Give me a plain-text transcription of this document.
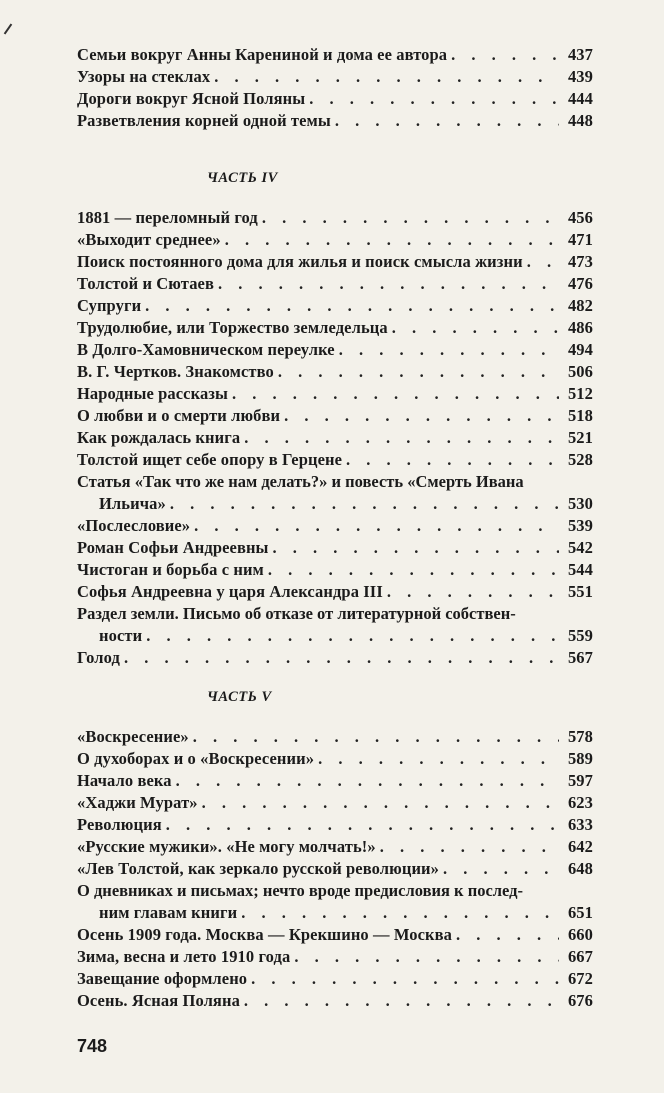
Семьи вокруг Анны Карениной и дома ее автора . . .	437
Узоры на стеклах . . .	439
Дороги вокруг Ясной Поляны . . .	444
Разветвления корней одной темы . . .	448
ЧАСТЬ IV
1881 — переломный год . . .	456
«Выходит среднее» . . .	471
Поиск постоянного дома для жилья и поиск смысла жизни . . .	473
Толстой и Сютаев . . .	476
Супруги . . .	482
Трудолюбие, или Торжество земледельца . . .	486
В Долго-Хамовническом переулке . . .	494
В. Г. Чертков. Знакомство . . .	506
Народные рассказы . . .	512
О любви и о смерти любви . . .	518
Как рождалась книга . . .	521
Толстой ищет себе опору в Герцене . . .	528
Статья «Так что же нам делать?» и повесть «Смерть Ивана
Ильича» . . .	530
«Послесловие» . . .	539
Роман Софьи Андреевны . . .	542
Чистоган и борьба с ним . . .	544
Софья Андреевна у царя Александра III . . .	551
Раздел земли. Письмо об отказе от литературной собствен-
ности . . .	559
Голод . . .	567
ЧАСТЬ V
«Воскресение» . . .	578
О духоборах и о «Воскресении» . . .	589
Начало века . . .	597
«Хаджи Мурат» . . .	623
Революция . . .	633
«Русские мужики». «Не могу молчать!» . . .	642
«Лев Толстой, как зеркало русской революции» . . .	648
О дневниках и письмах; нечто вроде предисловия к послед-
ним главам книги . . .	651
Осень 1909 года. Москва — Крекшино — Москва . . .	660
Зима, весна и лето 1910 года . . .	667
Завещание оформлено . . .	672
Осень. Ясная Поляна . . .	676
748
